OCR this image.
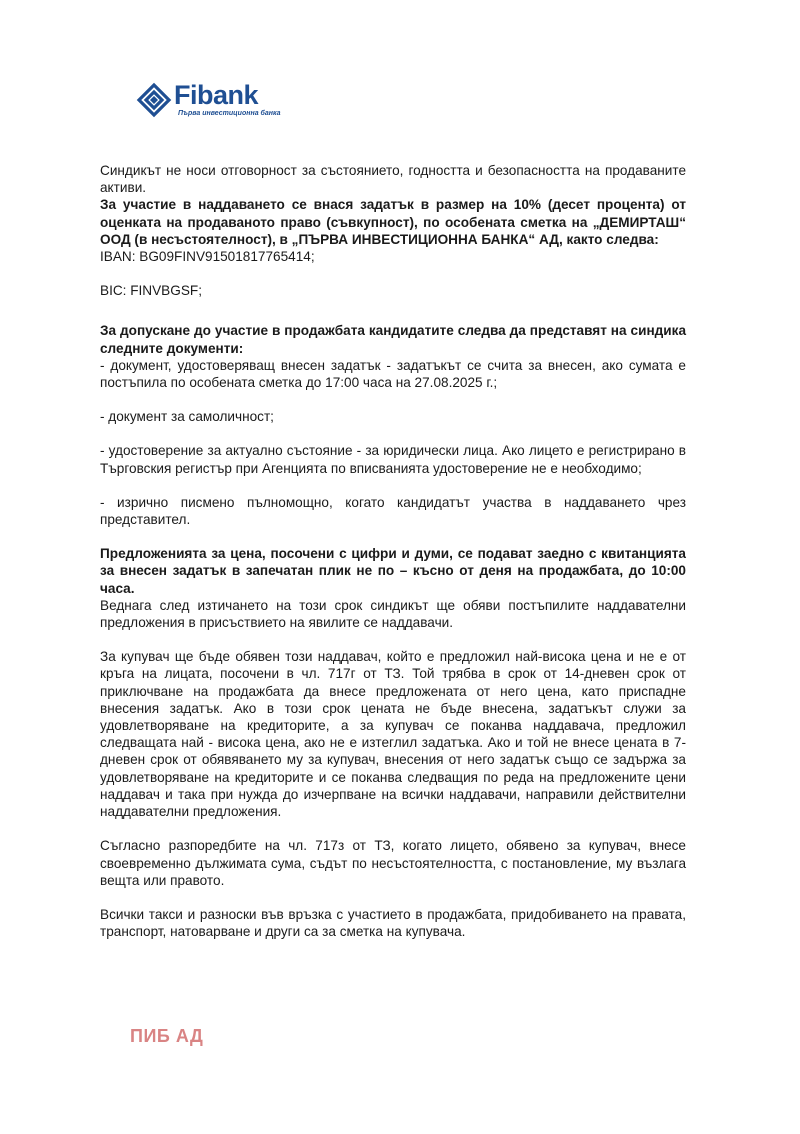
Fibank
Първа инвестиционна банка

Синдикът не носи отговорност за състоянието, годността и безопасността на продаваните активи.

За участие в наддаването се внася задатък в размер на 10% (десет процента) от оценката на продаваното право (съвкупност), по особената сметка на „ДЕМИРТАШ“ ООД (в несъстоятелност), в „ПЪРВА ИНВЕСТИЦИОННА БАНКА“ АД, както следва:

IBAN: BG09FINV91501817765414;

BIC: FINVBGSF;

За допускане до участие в продажбата кандидатите следва да представят на синдика следните документи:

- документ, удостоверяващ внесен задатък - задатъкът се счита за внесен, ако сумата е постъпила по особената сметка до 17:00 часа на 27.08.2025 г.;

- документ за самоличност;

- удостоверение за актуално състояние - за юридически лица. Ако лицето е регистрирано в Търговския регистър при Агенцията по вписванията удостоверение не е необходимо;

- изрично писмено пълномощно, когато кандидатът участва в наддаването чрез представител.

Предложенията за цена, посочени с цифри и думи, се подават заедно с квитанцията за внесен задатък в запечатан плик не по – късно от деня на продажбата, до 10:00 часа.

Веднага след изтичането на този срок синдикът ще обяви постъпилите наддавателни предложения в присъствието на явилите се наддавачи.

За купувач ще бъде обявен този наддавач, който е предложил най-висока цена и не е от кръга на лицата, посочени в чл. 717г от ТЗ. Той трябва в срок от 14-дневен срок от приключване на продажбата да внесе предложената от него цена, като приспадне внесения задатък. Ако в този срок цената не бъде внесена, задатъкът служи за удовлетворяване на кредиторите, а за купувач се поканва наддавача, предложил следващата най - висока цена, ако не е изтеглил задатъка. Ако и той не внесе цената в 7-дневен срок от обявяването му за купувач, внесения от него задатък също се задържа за удовлетворяване на кредиторите и се поканва следващия по реда на предложените цени наддавач и така при нужда до изчерпване на всички наддавачи, направили действителни наддавателни предложения.

Съгласно разпоредбите на чл. 717з от ТЗ, когато лицето, обявено за купувач, внесе своевременно дължимата сума, съдът по несъстоятелността, с постановление, му възлага вещта или правото.

Всички такси и разноски във връзка с участието в продажбата, придобиването на правата, транспорт, натоварване и други са за сметка на купувача.

ПИБ АД
